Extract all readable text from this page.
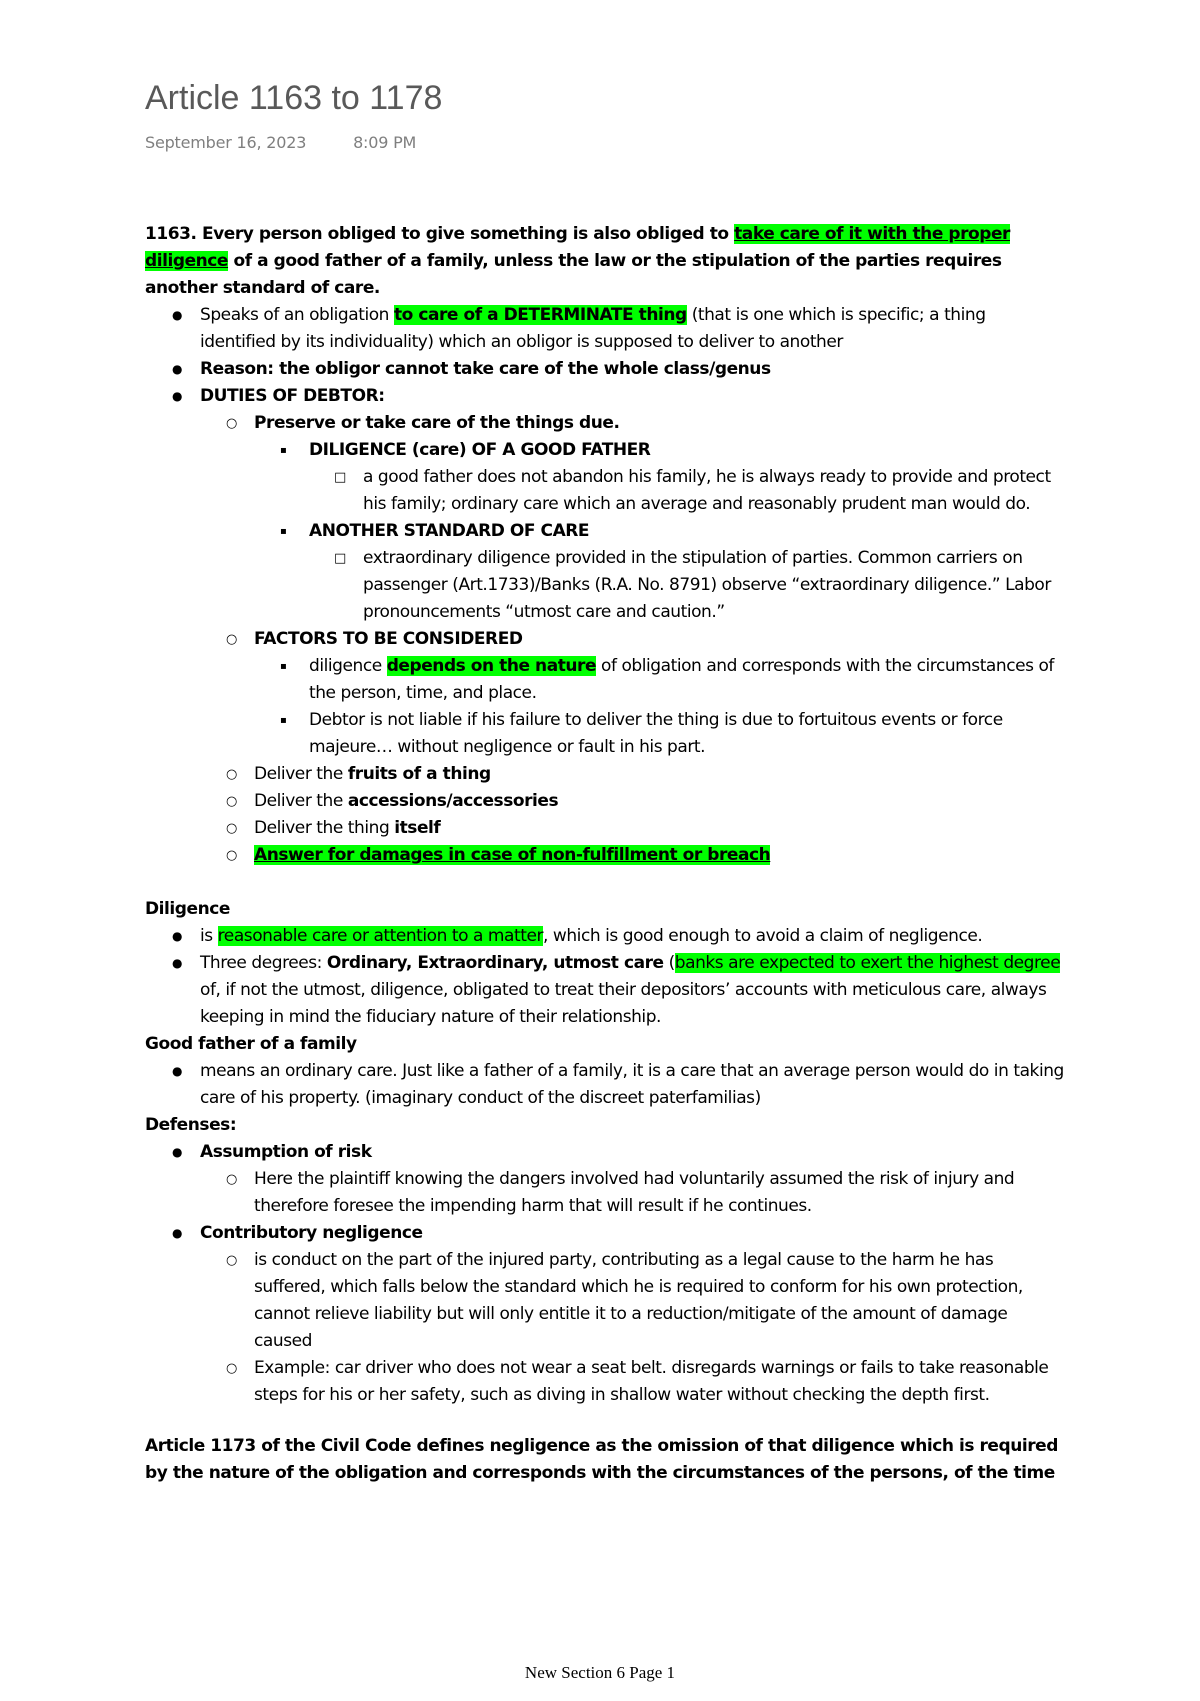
Article 1163 to 1178
September 16, 2023	8:09 PM

1163. Every person obliged to give something is also obliged to take care of it with the proper diligence of a good father of a family, unless the law or the stipulation of the parties requires another standard of care.

● Speaks of an obligation to care of a DETERMINATE thing (that is one which is specific; a thing identified by its individuality) which an obligor is supposed to deliver to another
● Reason: the obligor cannot take care of the whole class/genus
● DUTIES OF DEBTOR:
○ Preserve or take care of the things due.
▪ DILIGENCE (care) OF A GOOD FATHER
□ a good father does not abandon his family, he is always ready to provide and protect his family; ordinary care which an average and reasonably prudent man would do.
▪ ANOTHER STANDARD OF CARE
□ extraordinary diligence provided in the stipulation of parties. Common carriers on passenger (Art.1733)/Banks (R.A. No. 8791) observe “extraordinary diligence.” Labor pronouncements “utmost care and caution.”
○ FACTORS TO BE CONSIDERED
▪ diligence depends on the nature of obligation and corresponds with the circumstances of the person, time, and place.
▪ Debtor is not liable if his failure to deliver the thing is due to fortuitous events or force majeure… without negligence or fault in his part.
○ Deliver the fruits of a thing
○ Deliver the accessions/accessories
○ Deliver the thing itself
○ Answer for damages in case of non-fulfillment or breach

Diligence

● is reasonable care or attention to a matter, which is good enough to avoid a claim of negligence.
● Three degrees: Ordinary, Extraordinary, utmost care (banks are expected to exert the highest degree of, if not the utmost, diligence, obligated to treat their depositors’ accounts with meticulous care, always keeping in mind the fiduciary nature of their relationship.

Good father of a family

● means an ordinary care. Just like a father of a family, it is a care that an average person would do in taking care of his property. (imaginary conduct of the discreet paterfamilias)

Defenses:

● Assumption of risk
○ Here the plaintiff knowing the dangers involved had voluntarily assumed the risk of injury and therefore foresee the impending harm that will result if he continues.
● Contributory negligence
○ is conduct on the part of the injured party, contributing as a legal cause to the harm he has suffered, which falls below the standard which he is required to conform for his own protection, cannot relieve liability but will only entitle it to a reduction/mitigate of the amount of damage caused
○ Example: car driver who does not wear a seat belt. disregards warnings or fails to take reasonable steps for his or her safety, such as diving in shallow water without checking the depth first.

Article 1173 of the Civil Code defines negligence as the omission of that diligence which is required by the nature of the obligation and corresponds with the circumstances of the persons, of the time

New Section 6 Page 1
